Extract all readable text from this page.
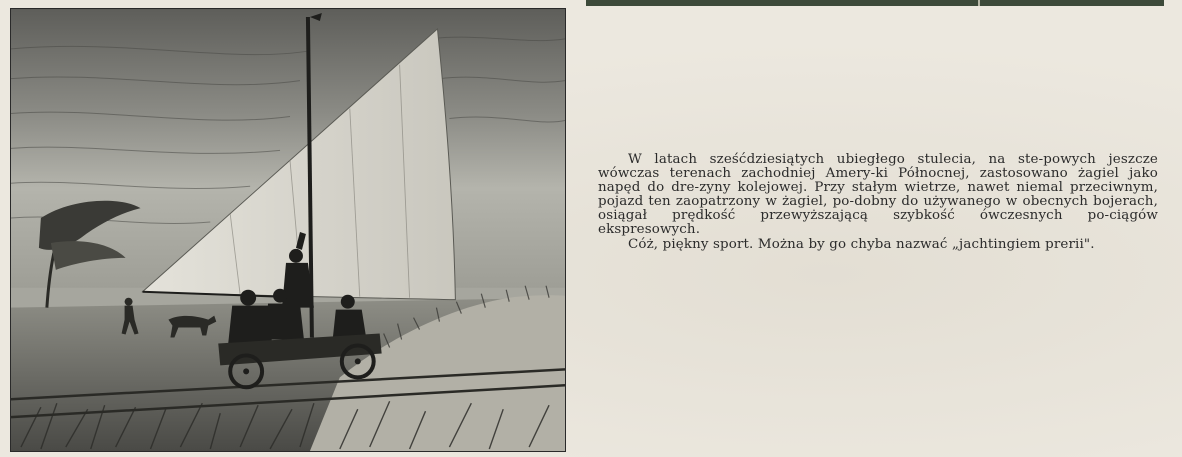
W latach sześćdziesiątych ubiegłego stulecia, na ste-powych jeszcze wówczas terenach zachodniej Amery-ki Północnej, zastosowano żagiel jako napęd do dre-zyny kolejowej. Przy stałym wietrze, nawet niemal przeciwnym, pojazd ten zaopatrzony w żagiel, po-dobny do używanego w obecnych bojerach, osiągał prędkość przewyższającą szybkość ówczesnych po-ciągów ekspresowych.

Cóż, piękny sport. Można by go chyba nazwać „jachtingiem prerii".
